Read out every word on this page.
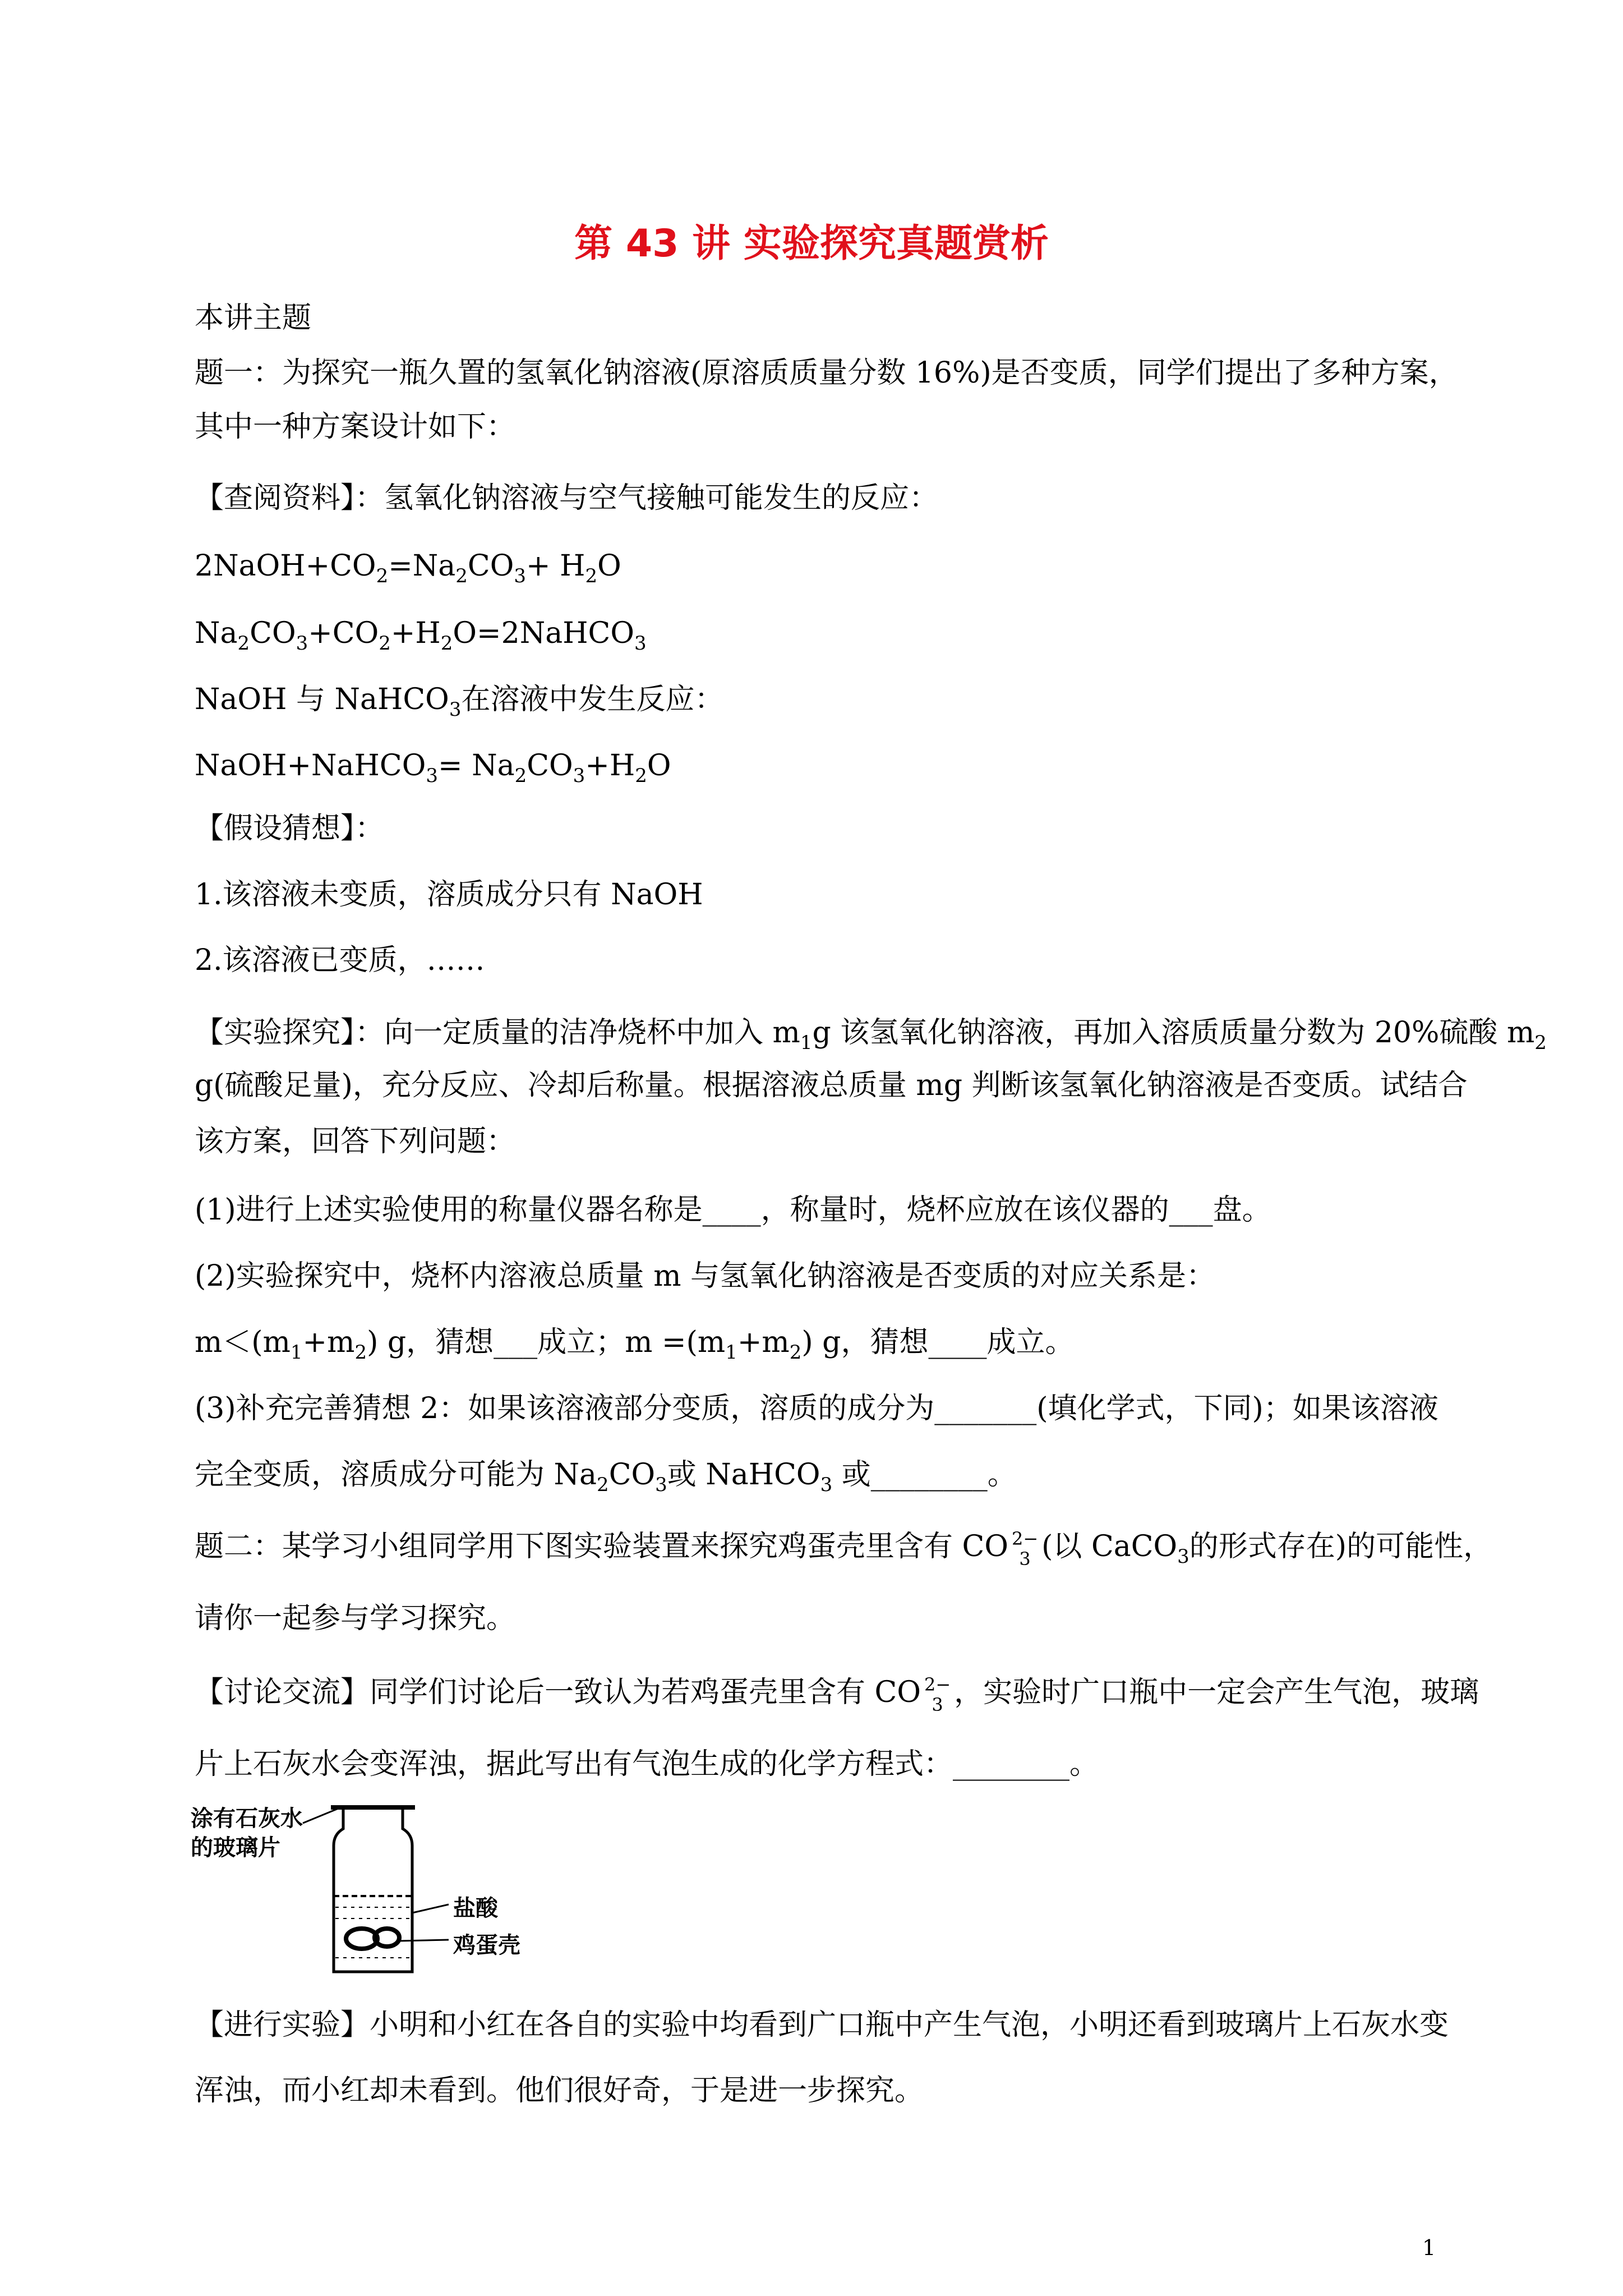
第 43 讲 实验探究真题赏析
本讲主题
题一：为探究一瓶久置的氢氧化钠溶液(原溶质质量分数 16%)是否变质，同学们提出了多种方案，
其中一种方案设计如下：
【查阅资料】：氢氧化钠溶液与空气接触可能发生的反应：
$2NaOH+CO_2=Na_2CO_3+ H_2O$
$Na_2CO_3+CO_2+H_2O=2NaHCO_3$
NaOH 与 NaHCO$_3$在溶液中发生反应：
NaOH+NaHCO$_3$= $Na_2CO_3+H_2O$
【假设猜想】：
1.该溶液未变质，溶质成分只有 NaOH
2.该溶液已变质，……
【实验探究】：向一定质量的洁净烧杯中加入 $m_1g$ 该氢氧化钠溶液，再加入溶质质量分数为 20%硫酸 $m_2$
g(硫酸足量)，充分反应、冷却后称量。根据溶液总质量 mg 判断该氢氧化钠溶液是否变质。试结合
该方案，回答下列问题：
(1)进行上述实验使用的称量仪器名称是____，称量时，烧杯应放在该仪器的___盘。
(2)实验探究中，烧杯内溶液总质量 m 与氢氧化钠溶液是否变质的对应关系是：
$m<(m_1+m_2)$ g，猜想___成立；$m =(m_1+m_2)$ g，猜想____成立。
(3)补充完善猜想 2：如果该溶液部分变质，溶质的成分为_______(填化学式，下同)；如果该溶液
完全变质，溶质成分可能为 $Na_2CO_3$或 NaHCO$_3$ 或________。
题二：某学习小组同学用下图实验装置来探究鸡蛋壳里含有 CO 2−
3 (以 CaCO$_3$的形式存在)的可能性，
请你一起参与学习探究。
【讨论交流】同学们讨论后一致认为若鸡蛋壳里含有 CO 2−
3 ，实验时广口瓶中一定会产生气泡，玻璃
片上石灰水会变浑浊，据此写出有气泡生成的化学方程式：________。
涂有石灰水
的玻璃片
盐酸
鸡蛋壳
【进行实验】小明和小红在各自的实验中均看到广口瓶中产生气泡，小明还看到玻璃片上石灰水变
浑浊，而小红却未看到。他们很好奇，于是进一步探究。
1
